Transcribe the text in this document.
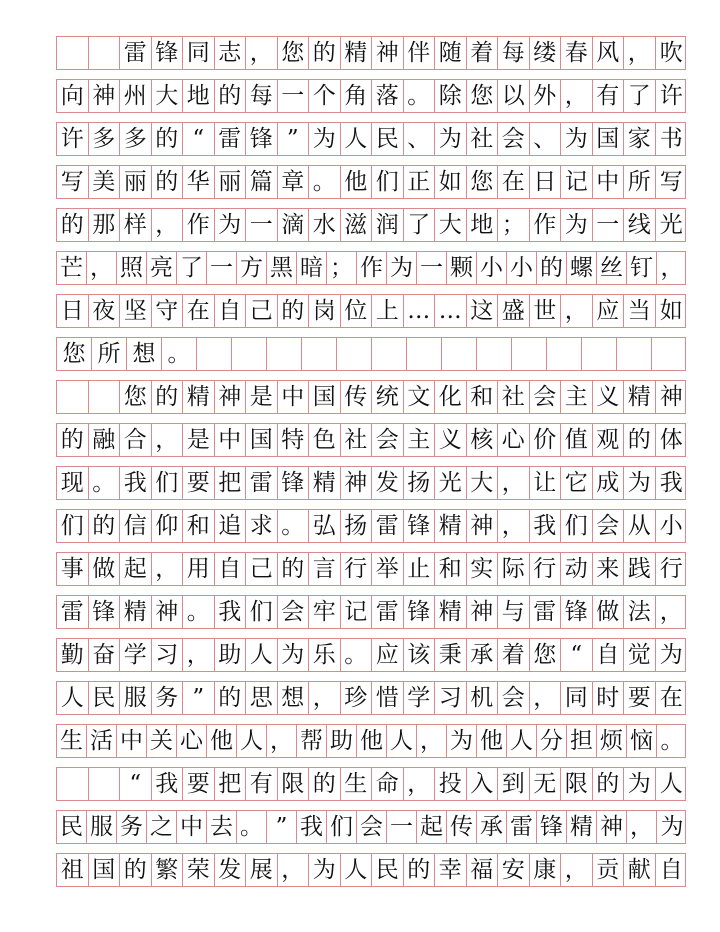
雷 锋 同 志 ， 您 的 精 神 伴 随 着 每 缕 春 风 ， 吹
向 神 州 大 地 的 每 一 个 角 落 。 除 您 以 外 ， 有 了 许
许 多 多 的 “ 雷 锋 ” 为 人 民 、 为 社 会 、 为 国 家 书
写 美 丽 的 华 丽 篇 章 。 他 们 正 如 您 在 日 记 中 所 写
的 那 样 ， 作 为 一 滴 水 滋 润 了 大 地 ； 作 为 一 线 光
芒 ， 照 亮 了 一 方 黑 暗 ； 作 为 一 颗 小 小 的 螺 丝 钉 ，
日 夜 坚 守 在 自 己 的 岗 位 上 … … 这 盛 世 ， 应 当 如
您 所 想 。
您 的 精 神 是 中 国 传 统 文 化 和 社 会 主 义 精 神
的 融 合 ， 是 中 国 特 色 社 会 主 义 核 心 价 值 观 的 体
现 。 我 们 要 把 雷 锋 精 神 发 扬 光 大 ， 让 它 成 为 我
们 的 信 仰 和 追 求 。 弘 扬 雷 锋 精 神 ， 我 们 会 从 小
事 做 起 ， 用 自 己 的 言 行 举 止 和 实 际 行 动 来 践 行
雷 锋 精 神 。 我 们 会 牢 记 雷 锋 精 神 与 雷 锋 做 法 ，
勤 奋 学 习 ， 助 人 为 乐 。 应 该 秉 承 着 您 “ 自 觉 为
人 民 服 务 ” 的 思 想 ， 珍 惜 学 习 机 会 ， 同 时 要 在
生 活 中 关 心 他 人 ， 帮 助 他 人 ， 为 他 人 分 担 烦 恼 。
“ 我 要 把 有 限 的 生 命 ， 投 入 到 无 限 的 为 人
民 服 务 之 中 去 。 ” 我 们 会 一 起 传 承 雷 锋 精 神 ， 为
祖 国 的 繁 荣 发 展 ， 为 人 民 的 幸 福 安 康 ， 贡 献 自
